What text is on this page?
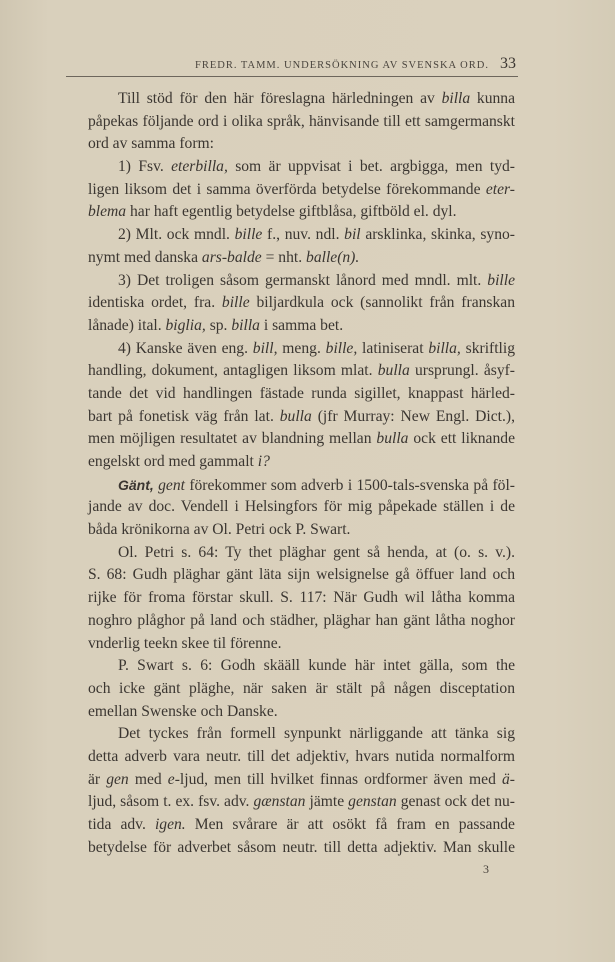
FREDR. TAMM. UNDERSÖKNING AV SVENSKA ORD. 33
Till stöd för den här föreslagna härledningen av billa kunna
påpekas följande ord i olika språk, hänvisande till ett samgermanskt
ord av samma form:
1) Fsv. eterbilla, som är uppvisat i bet. argbigga, men tyd-
ligen liksom det i samma överförda betydelse förekommande eter-
blema har haft egentlig betydelse giftblåsa, giftböld el. dyl.
2) Mlt. ock mndl. bille f., nuv. ndl. bil arsklinka, skinka, syno-
nymt med danska ars-balde = nht. balle(n).
3) Det troligen såsom germanskt lånord med mndl. mlt. bille
identiska ordet, fra. bille biljardkula ock (sannolikt från franskan
lånade) ital. biglia, sp. billa i samma bet.
4) Kanske även eng. bill, meng. bille, latiniserat billa, skriftlig
handling, dokument, antagligen liksom mlat. bulla ursprungl. åsyf-
tande det vid handlingen fästade runda sigillet, knappast härled-
bart på fonetisk väg från lat. bulla (jfr Murray: New Engl. Dict.),
men möjligen resultatet av blandning mellan bulla ock ett liknande
engelskt ord med gammalt i?
Gänt, gent förekommer som adverb i 1500-tals-svenska på föl-
jande av doc. Vendell i Helsingfors för mig påpekade ställen i de
båda krönikorna av Ol. Petri ock P. Swart.
Ol. Petri s. 64: Ty thet pläghar gent så henda, at (o. s. v.).
S. 68: Gudh pläghar gänt läta sijn welsignelse gå öffuer land och
rijke för froma förstar skull. S. 117: När Gudh wil låtha komma
noghro plåghor på land och städher, pläghar han gänt låtha noghor
vnderlig teekn skee til förenne.
P. Swart s. 6: Godh skääll kunde här intet gälla, som the
och icke gänt pläghe, när saken är stält på någen disceptation
emellan Swenske och Danske.
Det tyckes från formell synpunkt närliggande att tänka sig
detta adverb vara neutr. till det adjektiv, hvars nutida normalform
är gen med e-ljud, men till hvilket finnas ordformer även med ä-
ljud, såsom t. ex. fsv. adv. gænstan jämte genstan genast ock det nu-
tida adv. igen. Men svårare är att osökt få fram en passande
betydelse för adverbet såsom neutr. till detta adjektiv. Man skulle
3
